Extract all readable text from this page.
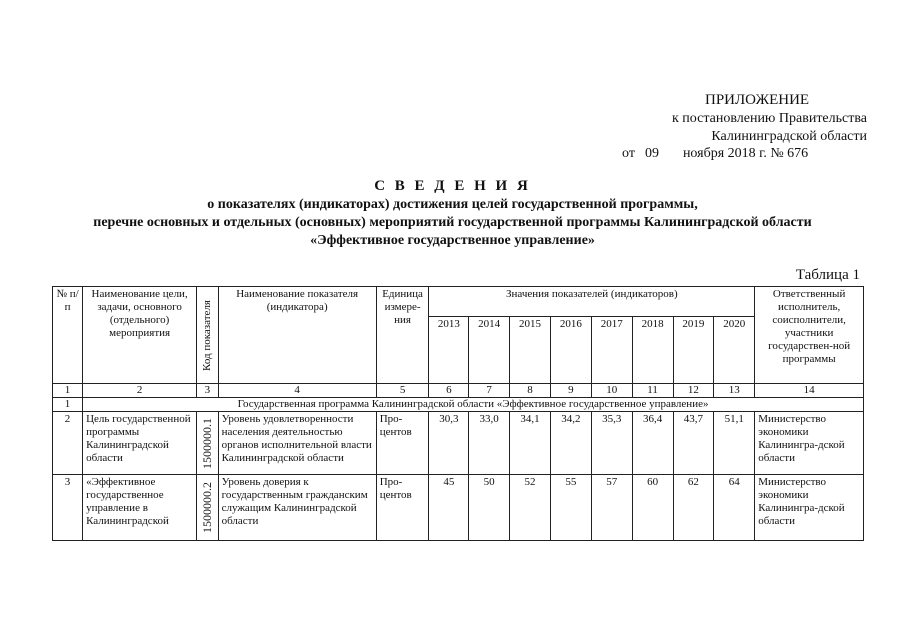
ПРИЛОЖЕНИЕ
к постановлению Правительства
Калининградской области
от 09 ноября 2018 г. № 676
С В Е Д Е Н И Я
о показателях (индикаторах) достижения целей государственной программы,
перечне основных и отдельных (основных) мероприятий государственной программы Калининградской области
«Эффективное государственное управление»
Таблица 1
№ п/п	Наименование цели, задачи, основного (отдельного) мероприятия	Код показателя	Наименование показателя (индикатора)	Единица измере-ния	Значения показателей (индикаторов)								Ответственный исполнитель, соисполнители, участники государствен-ной программы
					2013	2014	2015	2016	2017	2018	2019	2020	
1	2	3	4	5	6	7	8	9	10	11	12	13	14
1	Государственная программа Калининградской области «Эффективное государственное управление»												
2	Цель государственной программы Калининградской области	1500000.1	Уровень удовлетворенности населения деятельностью органов исполнительной власти Калининградской области	Про-центов	30,3	33,0	34,1	34,2	35,3	36,4	43,7	51,1	Министерство экономики Калинингра-дской области
3	«Эффективное государственное управление в Калининградской	1500000.2	Уровень доверия к государственным гражданским служащим Калининградской области	Про-центов	45	50	52	55	57	60	62	64	Министерство экономики Калинингра-дской области
